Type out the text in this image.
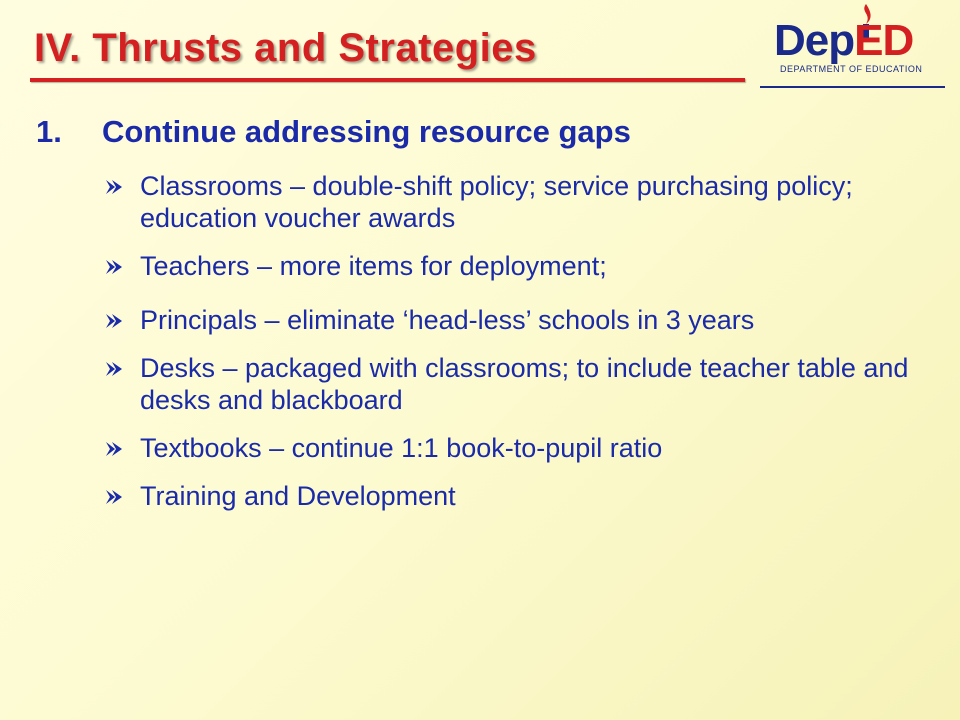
IV. Thrusts and Strategies	DepED
DEPARTMENT OF EDUCATION
1. Continue addressing resource gaps
Classrooms – double-shift policy; service purchasing policy; education voucher awards
Teachers – more items for deployment;
Principals – eliminate ‘head-less’ schools in 3 years
Desks – packaged with classrooms; to include teacher table and desks and blackboard
Textbooks – continue 1:1 book-to-pupil ratio
Training and Development
